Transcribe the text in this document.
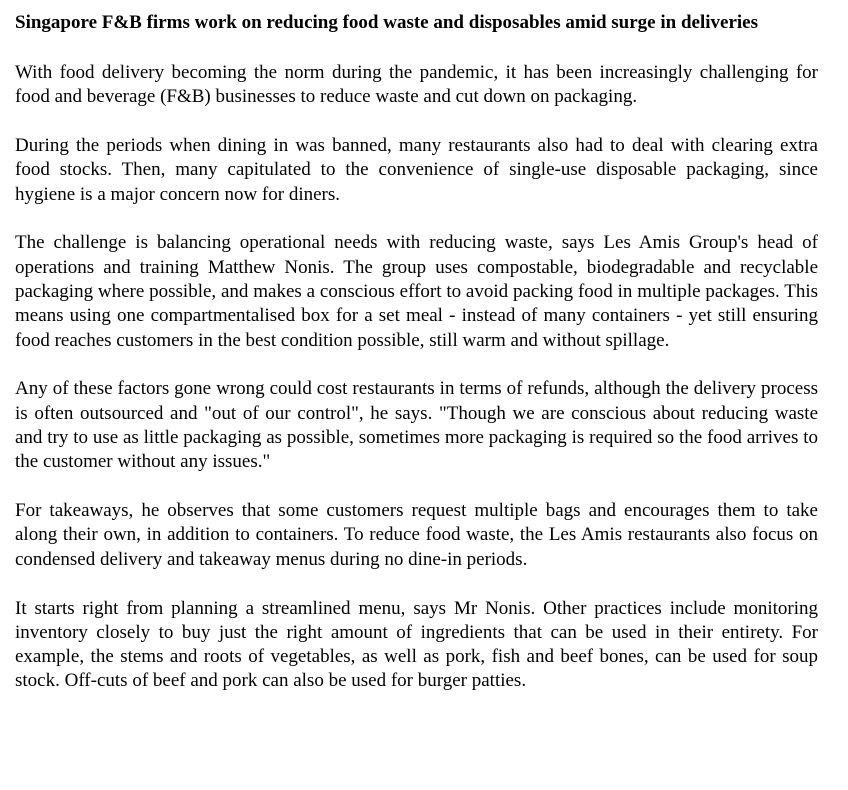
Singapore F&B firms work on reducing food waste and disposables amid surge in deliveries

With food delivery becoming the norm during the pandemic, it has been increasingly challenging for food and beverage (F&B) businesses to reduce waste and cut down on packaging.

During the periods when dining in was banned, many restaurants also had to deal with clearing extra food stocks. Then, many capitulated to the convenience of single-use disposable packaging, since hygiene is a major concern now for diners.

The challenge is balancing operational needs with reducing waste, says Les Amis Group's head of operations and training Matthew Nonis. The group uses compostable, biodegradable and recyclable packaging where possible, and makes a conscious effort to avoid packing food in multiple packages. This means using one compartmentalised box for a set meal - instead of many containers - yet still ensuring food reaches customers in the best condition possible, still warm and without spillage.

Any of these factors gone wrong could cost restaurants in terms of refunds, although the delivery process is often outsourced and "out of our control", he says. "Though we are conscious about reducing waste and try to use as little packaging as possible, sometimes more packaging is required so the food arrives to the customer without any issues."

For takeaways, he observes that some customers request multiple bags and encourages them to take along their own, in addition to containers. To reduce food waste, the Les Amis restaurants also focus on condensed delivery and takeaway menus during no dine-in periods.

It starts right from planning a streamlined menu, says Mr Nonis. Other practices include monitoring inventory closely to buy just the right amount of ingredients that can be used in their entirety. For example, the stems and roots of vegetables, as well as pork, fish and beef bones, can be used for soup stock. Off-cuts of beef and pork can also be used for burger patties.
